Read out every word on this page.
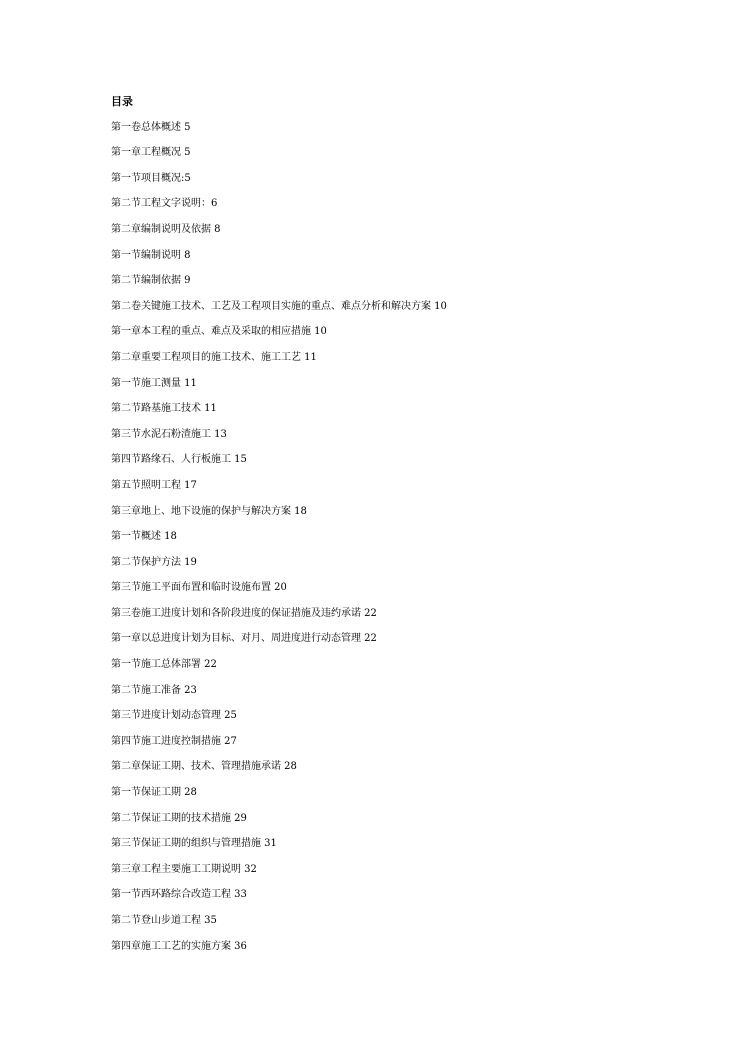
目录
第一卷总体概述 5
第一章工程概况 5
第一节项目概况:5
第二节工程文字说明：6
第二章编制说明及依据 8
第一节编制说明 8
第二节编制依据 9
第二卷关键施工技术、工艺及工程项目实施的重点、难点分析和解决方案 10
第一章本工程的重点、难点及采取的相应措施 10
第二章重要工程项目的施工技术、施工工艺 11
第一节施工测量 11
第二节路基施工技术 11
第三节水泥石粉渣施工 13
第四节路缘石、人行板施工 15
第五节照明工程 17
第三章地上、地下设施的保护与解决方案 18
第一节概述 18
第二节保护方法 19
第三节施工平面布置和临时设施布置 20
第三卷施工进度计划和各阶段进度的保证措施及违约承诺 22
第一章以总进度计划为目标、对月、周进度进行动态管理 22
第一节施工总体部署 22
第二节施工准备 23
第三节进度计划动态管理 25
第四节施工进度控制措施 27
第二章保证工期、技术、管理措施承诺 28
第一节保证工期 28
第二节保证工期的技术措施 29
第三节保证工期的组织与管理措施 31
第三章工程主要施工工期说明 32
第一节西环路综合改造工程 33
第二节登山步道工程 35
第四章施工工艺的实施方案 36
